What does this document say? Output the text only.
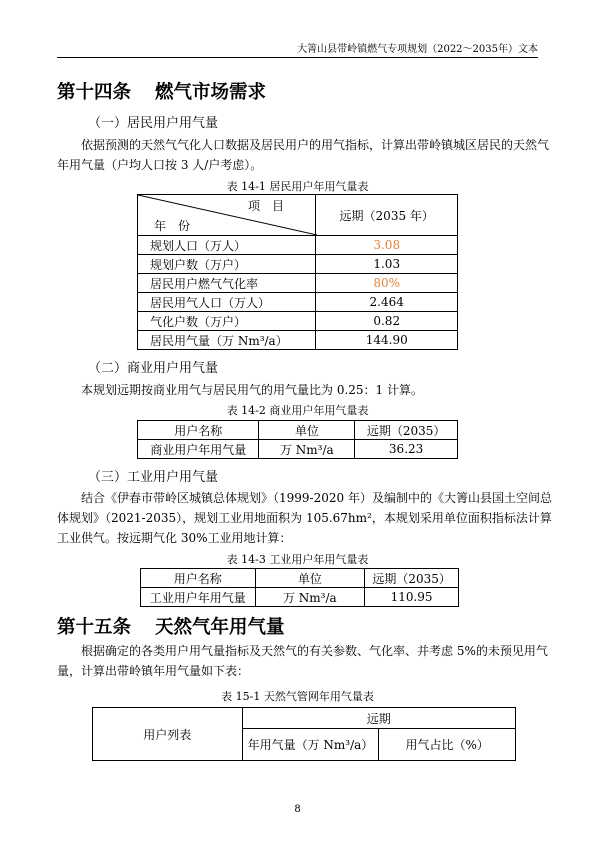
大箐山县带岭镇燃气专项规划（2022～2035年）文本
第十四条 燃气市场需求
（一）居民用户用气量
依据预测的天然气气化人口数据及居民用户的用气指标，计算出带岭镇城区居民的天然气年用气量（户均人口按 3 人/户考虑）。
表 14-1 居民用户年用气量表
项　目
年　份	远期（2035 年）
规划人口（万人）	3.08
规划户数（万户）	1.03
居民用户燃气气化率	80%
居民用气人口（万人）	2.464
气化户数（万户）	0.82
居民用气量（万 Nm³/a）	144.90
（二）商业用户用气量
本规划远期按商业用气与居民用气的用气量比为 0.25：1 计算。
表 14-2 商业用户年用气量表
用户名称	单位	远期（2035）
商业用户年用气量	万 Nm³/a	36.23
（三）工业用户用气量
结合《伊春市带岭区城镇总体规划》（1999-2020 年）及编制中的《大箐山县国土空间总体规划》（2021-2035），规划工业用地面积为 105.67hm²，本规划采用单位面积指标法计算工业供气。按远期气化 30%工业用地计算：
表 14-3 工业用户年用气量表
用户名称	单位	远期（2035）
工业用户年用气量	万 Nm³/a	110.95
第十五条 天然气年用气量
根据确定的各类用户用气量指标及天然气的有关参数、气化率、并考虑 5%的未预见用气量，计算出带岭镇年用气量如下表：
表 15-1 天然气管网年用气量表
用户列表	远期	
	年用气量（万 Nm³/a）	用气占比（%）
8
